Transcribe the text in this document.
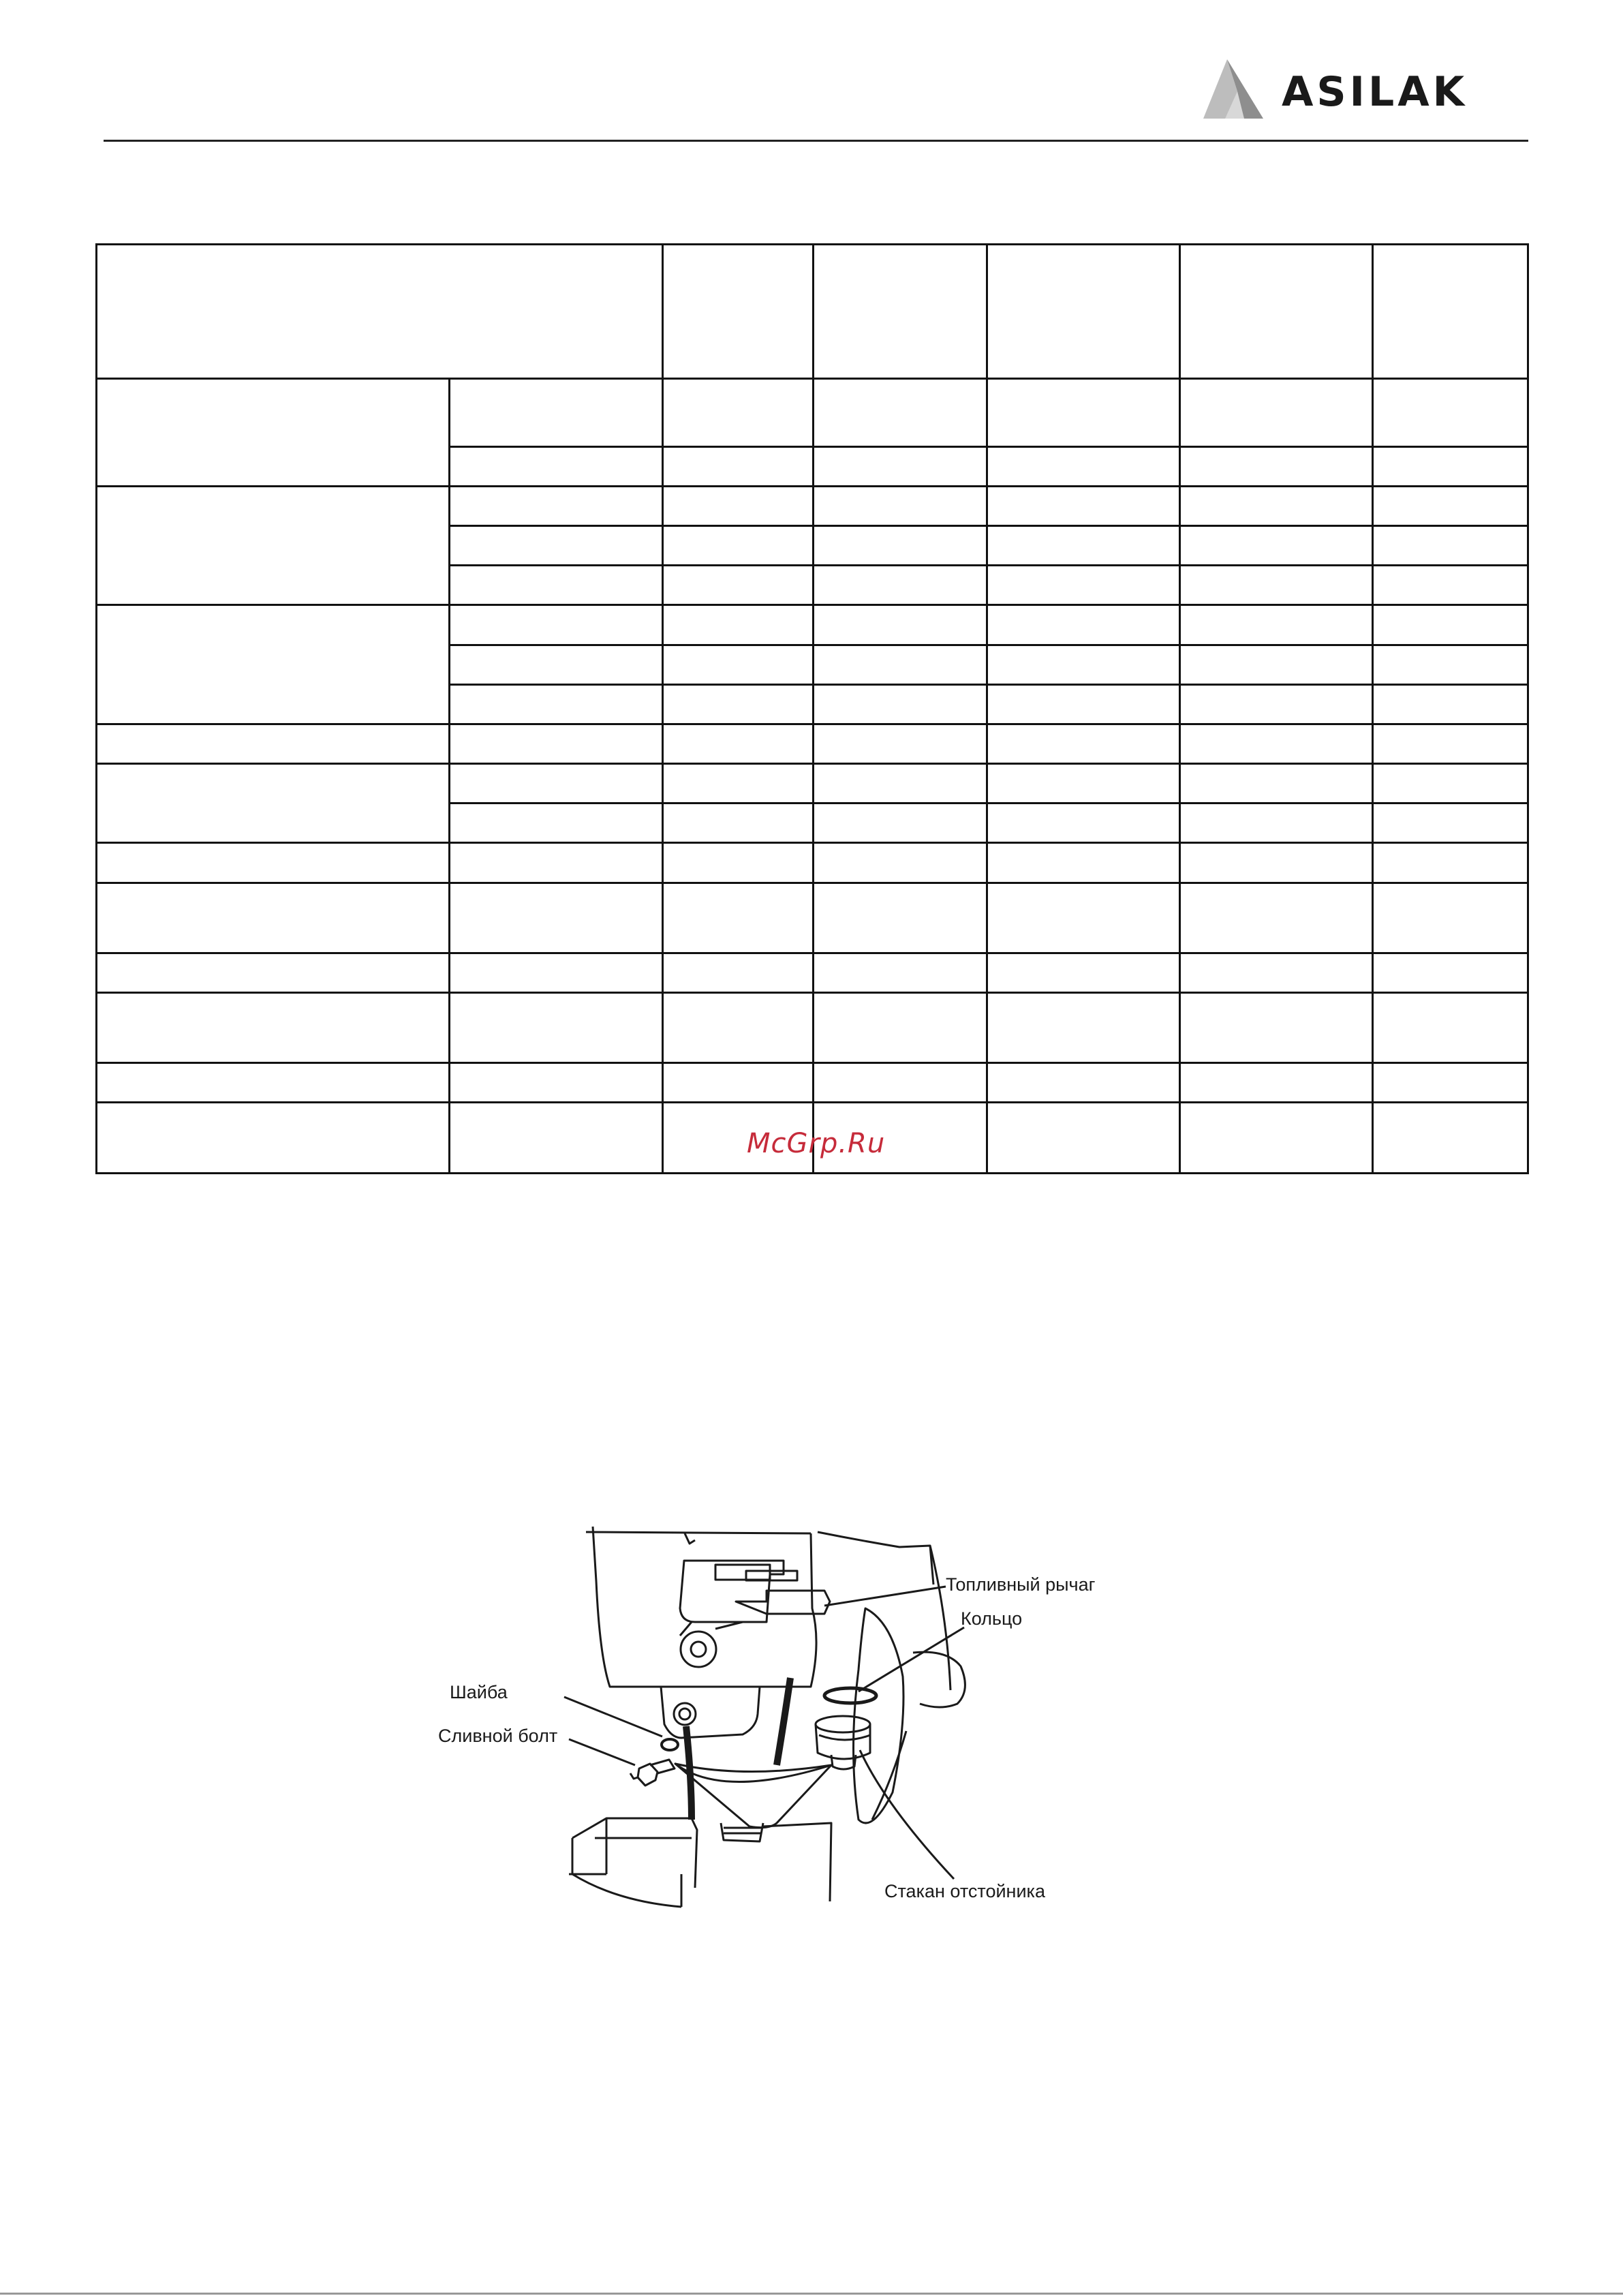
ASILAK

McGrp.Ru
Топливный рычаг
Кольцо
Шайба
Сливной болт
Стакан отстойника
